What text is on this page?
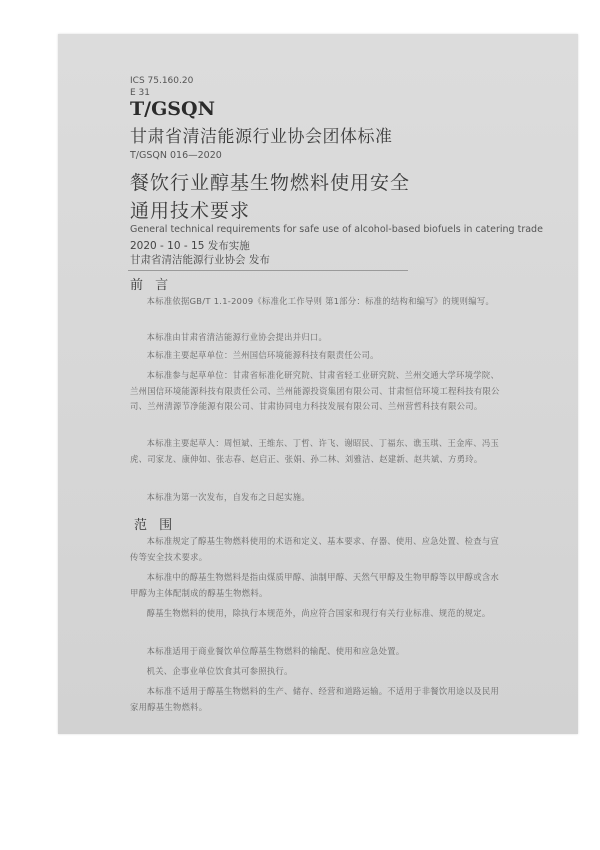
ICS 75.160.20
E 31
T/GSQN
甘肃省清洁能源行业协会团体标准
T/GSQN 016—2020
餐饮行业醇基生物燃料使用安全
通用技术要求
General technical requirements for safe use of alcohol-based biofuels in catering trade
2020 - 10 - 15 发布实施
甘肃省清洁能源行业协会 发布
前 言
本标准依据GB/T 1.1-2009《标准化工作导则 第1部分：标准的结构和编写》的规则编写。
本标准由甘肃省清洁能源行业协会提出并归口。
本标准主要起草单位：兰州国信环境能源科技有限责任公司。
本标准参与起草单位：甘肃省标准化研究院、甘肃省轻工业研究院、兰州交通大学环境学院、兰州国信环境能源科技有限责任公司、兰州能源投资集团有限公司、甘肃恒信环境工程科技有限公司、兰州清源节净能源有限公司、甘肃协同电力科技发展有限公司、兰州营哲科技有限公司。
本标准主要起草人：周恒斌、王维东、丁哲、许飞、谢昭民、丁福东、谯玉琪、王金库、冯玉虎、司家龙、康伸如、张志春、赵启正、张娟、孙二林、刘雅洁、赵建新、赵共斌、方勇玲。
本标准为第一次发布，自发布之日起实施。
范 围
本标准规定了醇基生物燃料使用的术语和定义、基本要求、存器、使用、应急处置、检查与宣传等安全技术要求。
本标准中的醇基生物燃料是指由煤质甲醇、油制甲醇、天然气甲醇及生物甲醇等以甲醇或含水甲醇为主体配制成的醇基生物燃料。
醇基生物燃料的使用，除执行本规范外，尚应符合国家和现行有关行业标准、规范的规定。
本标准适用于商业餐饮单位醇基生物燃料的输配、使用和应急处置。
机关、企事业单位饮食其可参照执行。
本标准不适用于醇基生物燃料的生产、储存、经营和道路运输。不适用于非餐饮用途以及民用家用醇基生物燃料。
